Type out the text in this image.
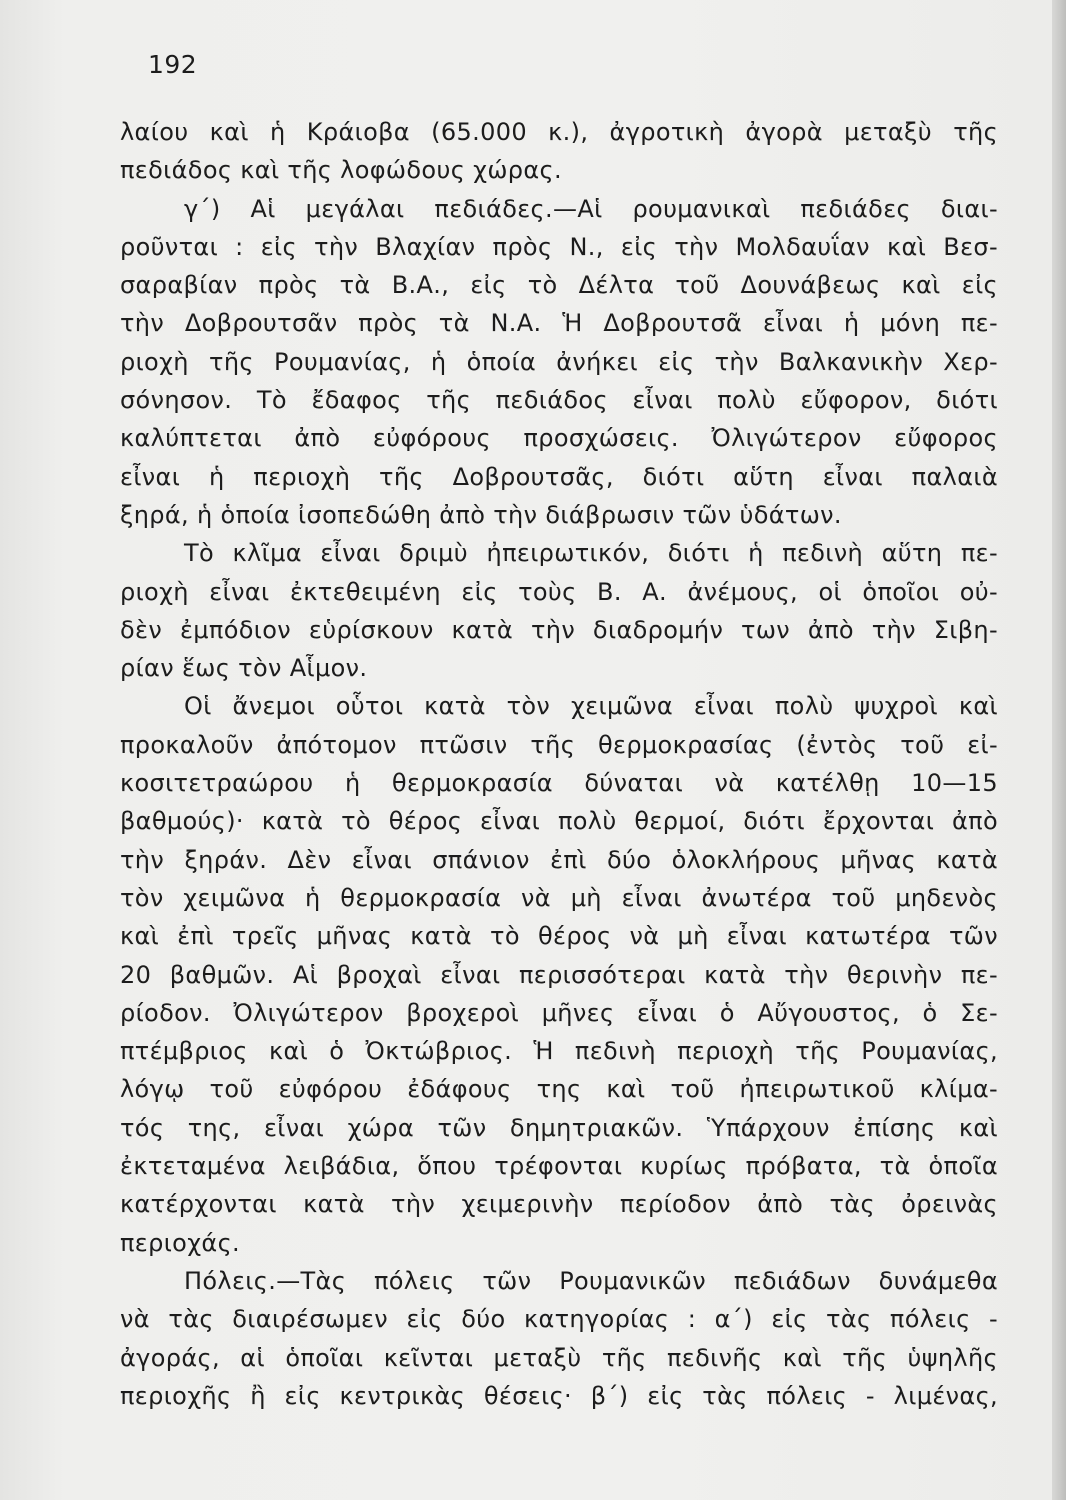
192
λαίου καὶ ἡ Κράιοβα (65.000 κ.), ἀγροτικὴ ἀγορὰ μεταξὺ τῆς
πεδιάδος καὶ τῆς λοφώδους χώρας.
γ΄) Αἱ μεγάλαι πεδιάδες.—Αἱ ρουμανικαὶ πεδιάδες διαι-
ροῦνται : εἰς τὴν Βλαχίαν πρὸς Ν., εἰς τὴν Μολδαυΐαν καὶ Βεσ-
σαραβίαν πρὸς τὰ Β.Α., εἰς τὸ Δέλτα τοῦ Δουνάβεως καὶ εἰς
τὴν Δοβρουτσᾶν πρὸς τὰ Ν.Α. Ἡ Δοβρουτσᾶ εἶναι ἡ μόνη πε-
ριοχὴ τῆς Ρουμανίας, ἡ ὁποία ἀνήκει εἰς τὴν Βαλκανικὴν Χερ-
σόνησον. Τὸ ἔδαφος τῆς πεδιάδος εἶναι πολὺ εὔφορον, διότι
καλύπτεται ἀπὸ εὐφόρους προσχώσεις. Ὀλιγώτερον εὔφορος
εἶναι ἡ περιοχὴ τῆς Δοβρουτσᾶς, διότι αὕτη εἶναι παλαιὰ
ξηρά, ἡ ὁποία ἰσοπεδώθη ἀπὸ τὴν διάβρωσιν τῶν ὑδάτων.
Τὸ κλῖμα εἶναι δριμὺ ἠπειρωτικόν, διότι ἡ πεδινὴ αὕτη πε-
ριοχὴ εἶναι ἐκτεθειμένη εἰς τοὺς Β. Α. ἀνέμους, οἱ ὁποῖοι οὐ-
δὲν ἐμπόδιον εὑρίσκουν κατὰ τὴν διαδρομήν των ἀπὸ τὴν Σιβη-
ρίαν ἕως τὸν Αἷμον.
Οἱ ἄνεμοι οὗτοι κατὰ τὸν χειμῶνα εἶναι πολὺ ψυχροὶ καὶ
προκαλοῦν ἀπότομον πτῶσιν τῆς θερμοκρασίας (ἐντὸς τοῦ εἰ-
κοσιτετραώρου ἡ θερμοκρασία δύναται νὰ κατέλθῃ 10—15
βαθμούς)· κατὰ τὸ θέρος εἶναι πολὺ θερμοί, διότι ἔρχονται ἀπὸ
τὴν ξηράν. Δὲν εἶναι σπάνιον ἐπὶ δύο ὁλοκλήρους μῆνας κατὰ
τὸν χειμῶνα ἡ θερμοκρασία νὰ μὴ εἶναι ἀνωτέρα τοῦ μηδενὸς
καὶ ἐπὶ τρεῖς μῆνας κατὰ τὸ θέρος νὰ μὴ εἶναι κατωτέρα τῶν
20 βαθμῶν. Αἱ βροχαὶ εἶναι περισσότεραι κατὰ τὴν θερινὴν πε-
ρίοδον. Ὀλιγώτερον βροχεροὶ μῆνες εἶναι ὁ Αὔγουστος, ὁ Σε-
πτέμβριος καὶ ὁ Ὀκτώβριος. Ἡ πεδινὴ περιοχὴ τῆς Ρουμανίας,
λόγῳ τοῦ εὐφόρου ἐδάφους της καὶ τοῦ ἠπειρωτικοῦ κλίμα-
τός της, εἶναι χώρα τῶν δημητριακῶν. Ὑπάρχουν ἐπίσης καὶ
ἐκτεταμένα λειβάδια, ὅπου τρέφονται κυρίως πρόβατα, τὰ ὁποῖα
κατέρχονται κατὰ τὴν χειμερινὴν περίοδον ἀπὸ τὰς ὀρεινὰς
περιοχάς.
Πόλεις.—Τὰς πόλεις τῶν Ρουμανικῶν πεδιάδων δυνάμεθα
νὰ τὰς διαιρέσωμεν εἰς δύο κατηγορίας : α΄) εἰς τὰς πόλεις -
ἀγοράς, αἱ ὁποῖαι κεῖνται μεταξὺ τῆς πεδινῆς καὶ τῆς ὑψηλῆς
περιοχῆς ἢ εἰς κεντρικὰς θέσεις· β΄) εἰς τὰς πόλεις - λιμένας,
